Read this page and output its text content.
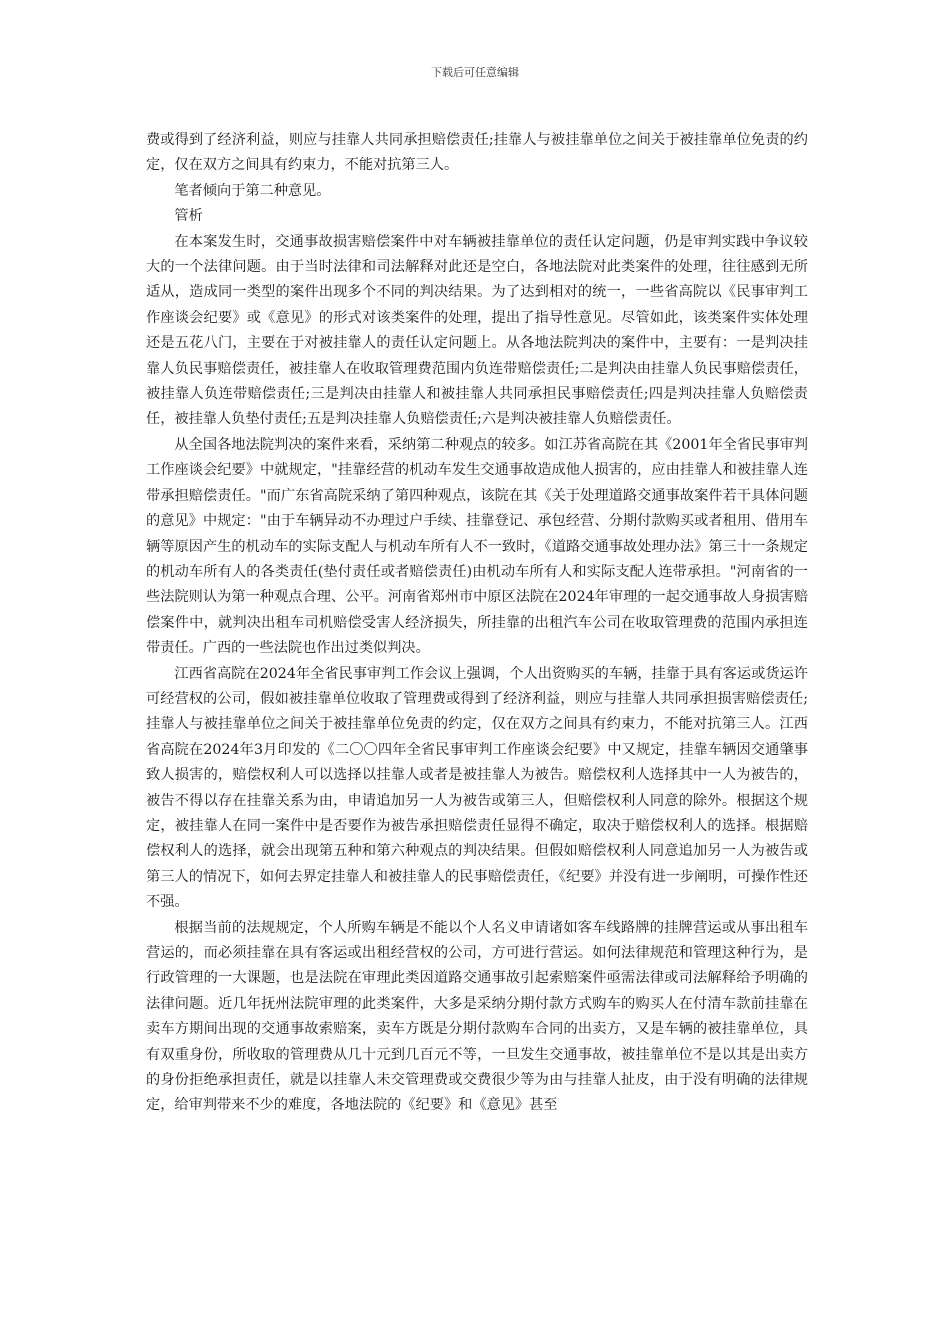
下载后可任意编辑

费或得到了经济利益，则应与挂靠人共同承担赔偿责任;挂靠人与被挂靠单位之间关于被挂靠单位免责的约定，仅在双方之间具有约束力，不能对抗第三人。

笔者倾向于第二种意见。

管析

在本案发生时，交通事故损害赔偿案件中对车辆被挂靠单位的责任认定问题，仍是审判实践中争议较大的一个法律问题。由于当时法律和司法解释对此还是空白，各地法院对此类案件的处理，往往感到无所适从，造成同一类型的案件出现多个不同的判决结果。为了达到相对的统一，一些省高院以《民事审判工作座谈会纪要》或《意见》的形式对该类案件的处理，提出了指导性意见。尽管如此，该类案件实体处理还是五花八门，主要在于对被挂靠人的责任认定问题上。从各地法院判决的案件中，主要有：一是判决挂靠人负民事赔偿责任，被挂靠人在收取管理费范围内负连带赔偿责任;二是判决由挂靠人负民事赔偿责任，被挂靠人负连带赔偿责任;三是判决由挂靠人和被挂靠人共同承担民事赔偿责任;四是判决挂靠人负赔偿责任，被挂靠人负垫付责任;五是判决挂靠人负赔偿责任;六是判决被挂靠人负赔偿责任。

从全国各地法院判决的案件来看，采纳第二种观点的较多。如江苏省高院在其《2001年全省民事审判工作座谈会纪要》中就规定，"挂靠经营的机动车发生交通事故造成他人损害的，应由挂靠人和被挂靠人连带承担赔偿责任。"而广东省高院采纳了第四种观点，该院在其《关于处理道路交通事故案件若干具体问题的意见》中规定："由于车辆异动不办理过户手续、挂靠登记、承包经营、分期付款购买或者租用、借用车辆等原因产生的机动车的实际支配人与机动车所有人不一致时，《道路交通事故处理办法》第三十一条规定的机动车所有人的各类责任(垫付责任或者赔偿责任)由机动车所有人和实际支配人连带承担。"河南省的一些法院则认为第一种观点合理、公平。河南省郑州市中原区法院在2024年审理的一起交通事故人身损害赔偿案件中，就判决出租车司机赔偿受害人经济损失，所挂靠的出租汽车公司在收取管理费的范围内承担连带责任。广西的一些法院也作出过类似判决。

江西省高院在2024年全省民事审判工作会议上强调，个人出资购买的车辆，挂靠于具有客运或货运许可经营权的公司，假如被挂靠单位收取了管理费或得到了经济利益，则应与挂靠人共同承担损害赔偿责任;挂靠人与被挂靠单位之间关于被挂靠单位免责的约定，仅在双方之间具有约束力，不能对抗第三人。江西省高院在2024年3月印发的《二〇〇四年全省民事审判工作座谈会纪要》中又规定，挂靠车辆因交通肇事致人损害的，赔偿权利人可以选择以挂靠人或者是被挂靠人为被告。赔偿权利人选择其中一人为被告的，被告不得以存在挂靠关系为由，申请追加另一人为被告或第三人，但赔偿权利人同意的除外。根据这个规定，被挂靠人在同一案件中是否要作为被告承担赔偿责任显得不确定，取决于赔偿权利人的选择。根据赔偿权利人的选择，就会出现第五种和第六种观点的判决结果。但假如赔偿权利人同意追加另一人为被告或第三人的情况下，如何去界定挂靠人和被挂靠人的民事赔偿责任，《纪要》并没有进一步阐明，可操作性还不强。

根据当前的法规规定，个人所购车辆是不能以个人名义申请诸如客车线路牌的挂牌营运或从事出租车营运的，而必须挂靠在具有客运或出租经营权的公司，方可进行营运。如何法律规范和管理这种行为，是行政管理的一大课题，也是法院在审理此类因道路交通事故引起索赔案件亟需法律或司法解释给予明确的法律问题。近几年抚州法院审理的此类案件，大多是采纳分期付款方式购车的购买人在付清车款前挂靠在卖车方期间出现的交通事故索赔案，卖车方既是分期付款购车合同的出卖方，又是车辆的被挂靠单位，具有双重身份，所收取的管理费从几十元到几百元不等，一旦发生交通事故，被挂靠单位不是以其是出卖方的身份拒绝承担责任，就是以挂靠人未交管理费或交费很少等为由与挂靠人扯皮，由于没有明确的法律规定，给审判带来不少的难度，各地法院的《纪要》和《意见》甚至
